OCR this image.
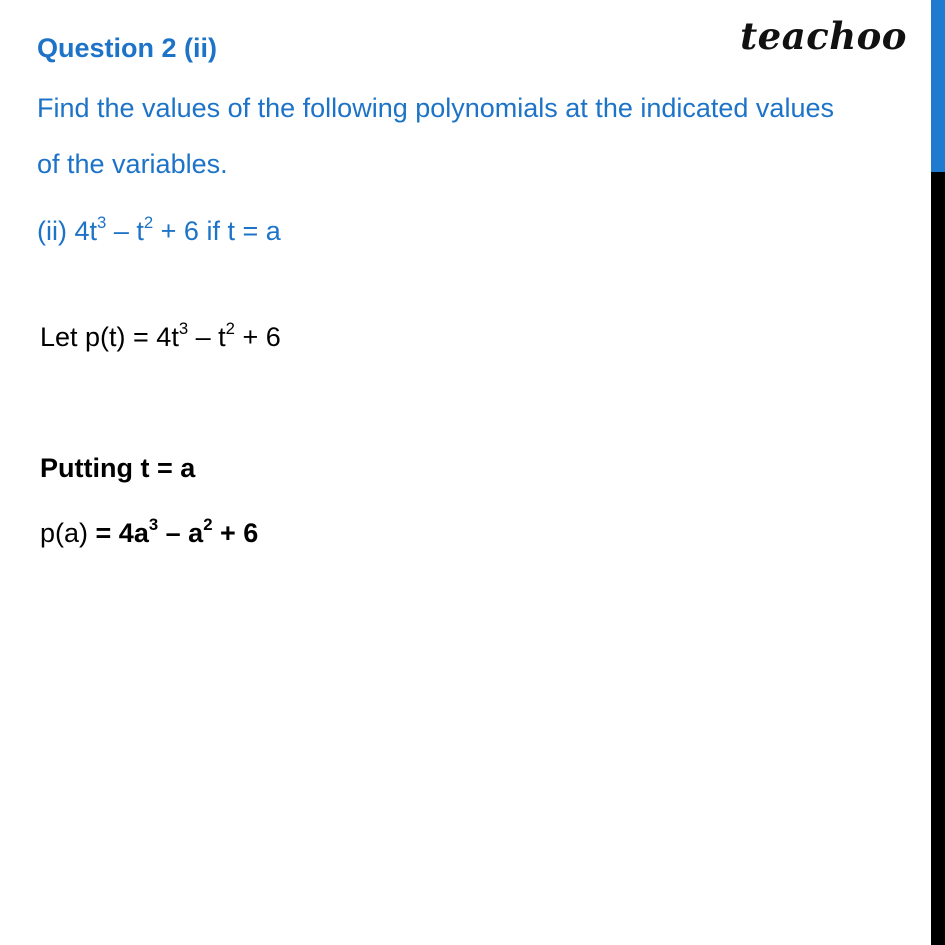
teachoo
Question 2 (ii)
Find the values of the following polynomials at the indicated values
of the variables.
(ii) $4t^3 - t^2 + 6$ if t = a
Let $p(t) = 4t^3 - t^2 + 6$
Putting t = a
$p(a) = 4a^3 - a^2 + 6$
